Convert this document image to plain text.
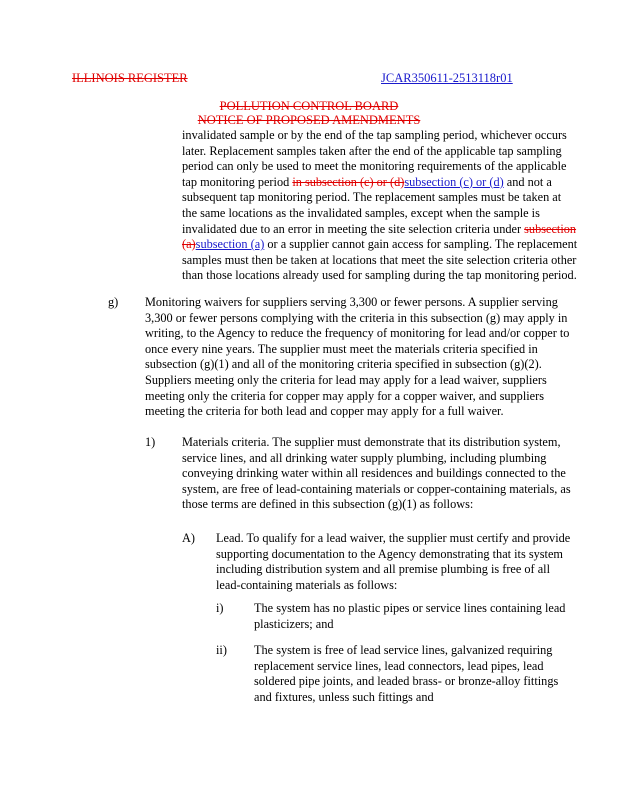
ILLINOIS REGISTER	JCAR350611-2513118r01
POLLUTION CONTROL BOARD
NOTICE OF PROPOSED AMENDMENTS
invalidated sample or by the end of the tap sampling period, whichever occurs later. Replacement samples taken after the end of the applicable tap sampling period can only be used to meet the monitoring requirements of the applicable tap monitoring period in subsection (c) or (d)subsection (c) or (d) and not a subsequent tap monitoring period. The replacement samples must be taken at the same locations as the invalidated samples, except when the sample is invalidated due to an error in meeting the site selection criteria under subsection (a)subsection (a) or a supplier cannot gain access for sampling. The replacement samples must then be taken at locations that meet the site selection criteria other than those locations already used for sampling during the tap monitoring period.
g) Monitoring waivers for suppliers serving 3,300 or fewer persons. A supplier serving 3,300 or fewer persons complying with the criteria in this subsection (g) may apply in writing, to the Agency to reduce the frequency of monitoring for lead and/or copper to once every nine years. The supplier must meet the materials criteria specified in subsection (g)(1) and all of the monitoring criteria specified in subsection (g)(2). Suppliers meeting only the criteria for lead may apply for a lead waiver, suppliers meeting only the criteria for copper may apply for a copper waiver, and suppliers meeting the criteria for both lead and copper may apply for a full waiver.
1) Materials criteria. The supplier must demonstrate that its distribution system, service lines, and all drinking water supply plumbing, including plumbing conveying drinking water within all residences and buildings connected to the system, are free of lead-containing materials or copper-containing materials, as those terms are defined in this subsection (g)(1) as follows:
A) Lead. To qualify for a lead waiver, the supplier must certify and provide supporting documentation to the Agency demonstrating that its system including distribution system and all premise plumbing is free of all lead-containing materials as follows:
i) The system has no plastic pipes or service lines containing lead plasticizers; and
ii) The system is free of lead service lines, galvanized requiring replacement service lines, lead connectors, lead pipes, lead soldered pipe joints, and leaded brass- or bronze-alloy fittings and fixtures, unless such fittings and
